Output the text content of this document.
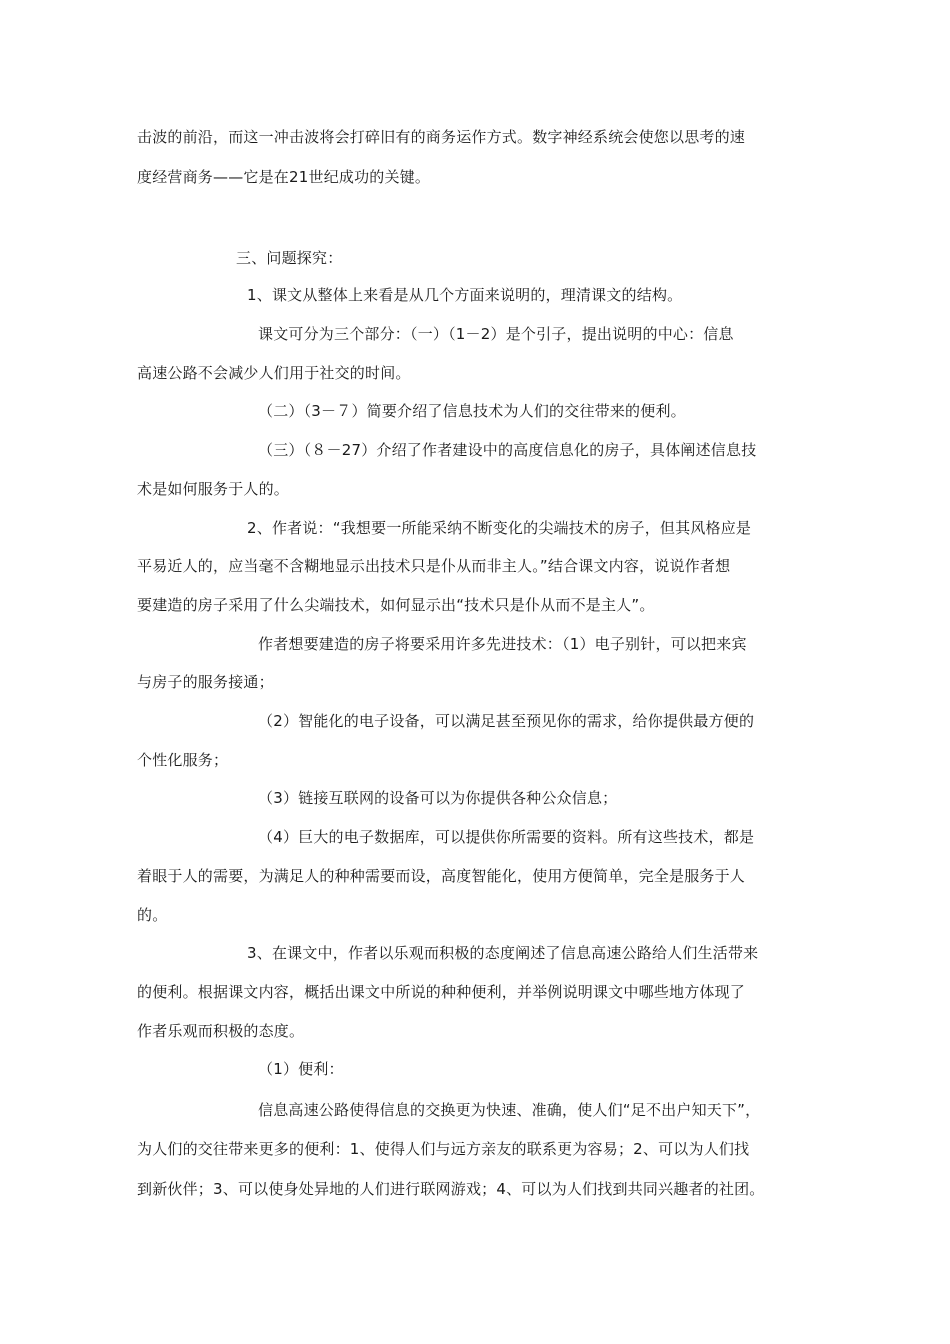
击波的前沿，而这一冲击波将会打碎旧有的商务运作方式。数字神经系统会使您以思考的速
度经营商务——它是在21世纪成功的关键。
三、问题探究：
1、课文从整体上来看是从几个方面来说明的，理清课文的结构。
课文可分为三个部分：（一）（1－2）是个引子，提出说明的中心：信息
高速公路不会减少人们用于社交的时间。
（二）（3－７）简要介绍了信息技术为人们的交往带来的便利。
（三）（８－27）介绍了作者建设中的高度信息化的房子，具体阐述信息技
术是如何服务于人的。
2、作者说：“我想要一所能采纳不断变化的尖端技术的房子，但其风格应是
平易近人的，应当毫不含糊地显示出技术只是仆从而非主人。”结合课文内容，说说作者想
要建造的房子采用了什么尖端技术，如何显示出“技术只是仆从而不是主人”。
作者想要建造的房子将要采用许多先进技术：（1）电子别针，可以把来宾
与房子的服务接通；
（2）智能化的电子设备，可以满足甚至预见你的需求，给你提供最方便的
个性化服务；
（3）链接互联网的设备可以为你提供各种公众信息；
（4）巨大的电子数据库，可以提供你所需要的资料。所有这些技术，都是
着眼于人的需要，为满足人的种种需要而设，高度智能化，使用方便简单，完全是服务于人
的。
3、在课文中，作者以乐观而积极的态度阐述了信息高速公路给人们生活带来
的便利。根据课文内容，概括出课文中所说的种种便利，并举例说明课文中哪些地方体现了
作者乐观而积极的态度。
（1）便利：
信息高速公路使得信息的交换更为快速、准确，使人们“足不出户知天下”，
为人们的交往带来更多的便利：1、使得人们与远方亲友的联系更为容易；2、可以为人们找
到新伙伴；3、可以使身处异地的人们进行联网游戏；4、可以为人们找到共同兴趣者的社团。
